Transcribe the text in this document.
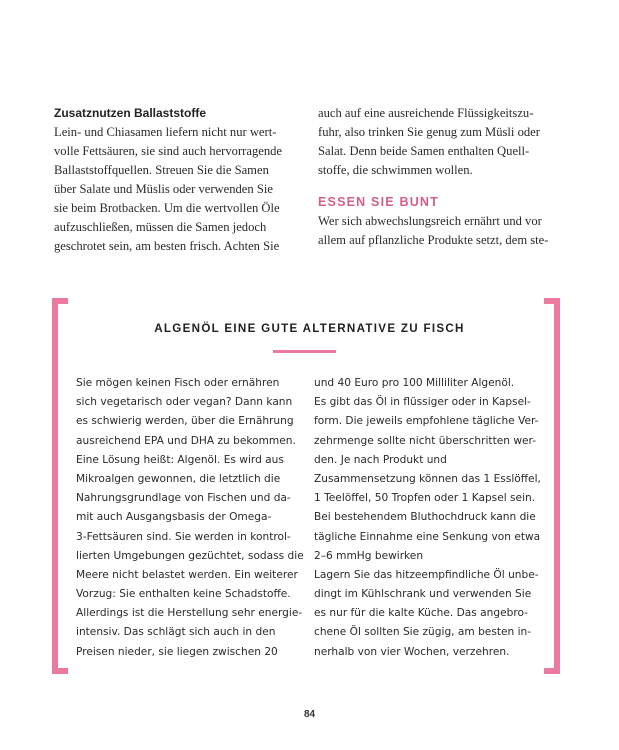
Zusatznutzen Ballaststoffe
Lein- und Chiasamen liefern nicht nur wert-
volle Fettsäuren, sie sind auch hervorragende
Ballaststoffquellen. Streuen Sie die Samen
über Salate und Müslis oder verwenden Sie
sie beim Brotbacken. Um die wertvollen Öle
aufzuschließen, müssen die Samen jedoch
geschrotet sein, am besten frisch. Achten Sie
auch auf eine ausreichende Flüssigkeitszu-
fuhr, also trinken Sie genug zum Müsli oder
Salat. Denn beide Samen enthalten Quell-
stoffe, die schwimmen wollen.
ESSEN SIE BUNT
Wer sich abwechslungsreich ernährt und vor
allem auf pflanzliche Produkte setzt, dem ste-
ALGENÖL EINE GUTE ALTERNATIVE ZU FISCH
Sie mögen keinen Fisch oder ernähren
sich vegetarisch oder vegan? Dann kann
es schwierig werden, über die Ernährung
ausreichend EPA und DHA zu bekommen.
Eine Lösung heißt: Algenöl. Es wird aus
Mikroalgen gewonnen, die letztlich die
Nahrungsgrundlage von Fischen und da-
mit auch Ausgangsbasis der Omega-
3-Fettsäuren sind. Sie werden in kontrol-
lierten Umgebungen gezüchtet, sodass die
Meere nicht belastet werden. Ein weiterer
Vorzug: Sie enthalten keine Schadstoffe.
Allerdings ist die Herstellung sehr energie-
intensiv. Das schlägt sich auch in den
Preisen nieder, sie liegen zwischen 20
und 40 Euro pro 100 Milliliter Algenöl.
Es gibt das Öl in flüssiger oder in Kapsel-
form. Die jeweils empfohlene tägliche Ver-
zehrmenge sollte nicht überschritten wer-
den. Je nach Produkt und
Zusammensetzung können das 1 Esslöffel,
1 Teelöffel, 50 Tropfen oder 1 Kapsel sein.
Bei bestehendem Bluthochdruck kann die
tägliche Einnahme eine Senkung von etwa
2–6 mmHg bewirken
Lagern Sie das hitzeempfindliche Öl unbe-
dingt im Kühlschrank und verwenden Sie
es nur für die kalte Küche. Das angebro-
chene Öl sollten Sie zügig, am besten in-
nerhalb von vier Wochen, verzehren.
84
